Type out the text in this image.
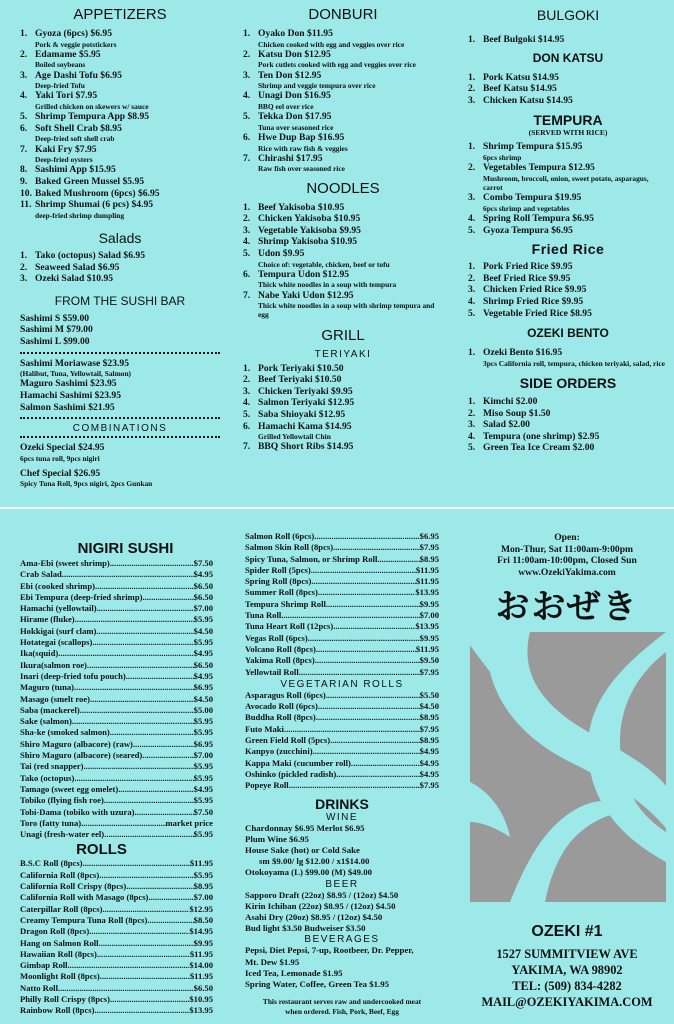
APPETIZERS
1. Gyoza (6pcs) $6.95
Pork & veggie potstickers
2. Edamame $5.95
Boiled soybeans
3. Age Dashi Tofu $6.95
Deep-fried Tofu
4. Yaki Tori $7.95
Grilled chicken on skewers w/ sauce
5. Shrimp Tempura App $8.95
6. Soft Shell Crab $8.95
Deep-fried soft shell crab
7. Kaki Fry $7.95
Deep-fried oysters
8. Sashimi App $15.95
9. Baked Green Mussel $5.95
10. Baked Mushroom (6pcs) $6.95
11. Shrimp Shumai (6 pcs) $4.95
deep-fried shrimp dumpling
Salads
1. Tako (octopus) Salad $6.95
2. Seaweed Salad $6.95
3. Ozeki Salad $10.95
FROM THE SUSHI BAR
Sashimi S $59.00
Sashimi M $79.00
Sashimi L $99.00
Sashimi Moriawase $23.95
(Halibut, Tuna, Yellowtail, Salmon)
Maguro Sashimi $23.95
Hamachi Sashimi $23.95
Salmon Sashimi $21.95
COMBINATIONS
Ozeki Special $24.95
6pcs tuna roll, 9pcs nigiri
Chef Special $26.95
Spicy Tuna Roll, 9pcs nigiri, 2pcs Gunkan
DONBURI
1. Oyako Don $11.95
Chicken cooked with egg and veggies over rice
2. Katsu Don $12.95
Pork cutlets cooked with egg and veggies over rice
3. Ten Don $12.95
Shrimp and veggie tempura over rice
4. Unagi Don $16.95
BBQ eel over rice
5. Tekka Don $17.95
Tuna over seasoned rice
6. Hwe Dup Bap $16.95
Rice with raw fish & veggies
7. Chirashi $17.95
Raw fish over seasoned rice
NOODLES
1. Beef Yakisoba $10.95
2. Chicken Yakisoba $10.95
3. Vegetable Yakisoba $9.95
4. Shrimp Yakisoba $10.95
5. Udon $9.95
Choice of: vegetable, chicken, beef or tofu
6. Tempura Udon $12.95
Thick white noodles in a soup with tempura
7. Nabe Yaki Udon $12.95
Thick white noodles in a soup with shrimp tempura and egg
GRILL
TERIYAKI
1. Pork Teriyaki $10.50
2. Beef Teriyaki $10.50
3. Chicken Teriyaki $9.95
4. Salmon Teriyaki $12.95
5. Saba Shioyaki $12.95
6. Hamachi Kama $14.95
Grilled Yellowtail Chin
7. BBQ Short Ribs $14.95
BULGOKI
1. Beef Bulgoki $14.95
DON KATSU
1. Pork Katsu $14.95
2. Beef Katsu $14.95
3. Chicken Katsu $14.95
TEMPURA
(SERVED WITH RICE)
1. Shrimp Tempura $15.95
6pcs shrimp
2. Vegetables Tempura $12.95
Mushroom, broccoli, onion, sweet potato, asparagus, carrot
3. Combo Tempura $19.95
6pcs shrimp and vegetables
4. Spring Roll Tempura $6.95
5. Gyoza Tempura $6.95
Fried Rice
1. Pork Fried Rice $9.95
2. Beef Fried Rice $9.95
3. Chicken Fried Rice $9.95
4. Shrimp Fried Rice $9.95
5. Vegetable Fried Rice $8.95
OZEKI BENTO
1. Ozeki Bento $16.95
3pcs California roll, tempura, chicken teriyaki, salad, rice
SIDE ORDERS
1. Kimchi $2.00
2. Miso Soup $1.50
3. Salad $2.00
4. Tempura (one shrimp) $2.95
5. Green Tea Ice Cream $2.00
NIGIRI SUSHI
Ama-Ebi (sweet shrimp) .....	$7.50
Crab Salad .....	$4.95
Ebi (cooked shrimp) .....	$6.50
Ebi Tempura (deep-fried shrimp) .....	$6.50
Hamachi (yellowtail) .....	$7.00
Hirame (fluke) .....	$5.95
Hokkigai (surf clam) .....	$4.50
Hotategai (scallops) .....	$5.95
Ika(squid) .....	$4.95
Ikura(salmon roe) .....	$6.50
Inari (deep-fried tofu pouch) .....	$4.95
Maguro (tuna) .....	$6.95
Masago (smelt roe) .....	$4.50
Saba (mackerel) .....	$5.00
Sake (salmon) .....	$5.95
Sha-ke (smoked salmon) .....	$5.95
Shiro Maguro (albacore) (raw) .....	$6.95
Shiro Maguro (albacore) (seared) .....	$7.00
Tai (red snapper) .....	$5.95
Tako (octopus) .....	$5.95
Tamago (sweet egg omelet) .....	$4.95
Tobiko (flying fish roe) .....	$5.95
Tobi-Dama (tobiko with uzura) .....	$7.50
Toro (fatty tuna) .....	market price
Unagi (fresh-water eel) .....	$5.95
ROLLS
B.S.C Roll (8pcs) .....	$11.95
California Roll (8pcs) .....	$5.95
California Roll Crispy (8pcs) .....	$8.95
California Roll with Masago (8pcs) .....	$7.00
Caterpillar Roll (8pcs) .....	$12.95
Creamy Tempura Tuna Roll (8pcs) .....	$8.50
Dragon Roll (8pcs) .....	$14.95
Hang on Salmon Roll .....	$9.95
Hawaiian Roll (8pcs) .....	$11.95
Gimbap Roll .....	$14.00
Moonlight Roll (8pcs) .....	$11.95
Natto Roll .....	$6.50
Philly Roll Crispy (8pcs) .....	$10.95
Rainbow Roll (8pcs) .....	$13.95
Salmon Roll (6pcs) .....	$6.95
Salmon Skin Roll (8pcs) .....	$7.95
Spicy Tuna, Salmon, or Shrimp Roll .....	$8.95
Spider Roll (5pcs) .....	$11.95
Spring Roll (8pcs) .....	$11.95
Summer Roll (8pcs) .....	$13.95
Tempura Shrimp Roll .....	$9.95
Tuna Roll .....	$7.00
Tuna Heart Roll (12pcs) .....	$13.95
Vegas Roll (6pcs) .....	$9.95
Volcano Roll (8pcs) .....	$11.95
Yakima Roll (8pcs) .....	$9.50
Yellowtail Roll .....	$7.95
VEGETARIAN ROLLS
Asparagus Roll (6pcs) .....	$5.50
Avocado Roll (6pcs) .....	$4.50
Buddha Roll (8pcs) .....	$8.95
Futo Maki .....	$7.95
Green Field Roll (5pcs) .....	$8.95
Kanpyo (zucchini) .....	$4.95
Kappa Maki (cucumber roll) .....	$4.95
Oshinko (pickled radish) .....	$4.95
Popeye Roll .....	$7.95
DRINKS
WINE
Chardonnay $6.95 Merlot $6.95
Plum Wine $6.95
House Sake (hot) or Cold Sake
sm $9.00/ lg $12.00 / x1$14.00
Otokoyama (L) $99.00 (M) $49.00
BEER
Sapporo Draft (22oz) $8.95 / (12oz) $4.50
Kirin Ichiban (22oz) $8.95 / (12oz) $4.50
Asahi Dry (20oz) $8.95 / (12oz) $4.50
Bud light $3.50 Budweiser $3.50
BEVERAGES
Pepsi, Diet Pepsi, 7-up, Rootbeer, Dr. Pepper,
Mt. Dew $1.95
Iced Tea, Lemonade $1.95
Spring Water, Coffee, Green Tea $1.95
This restaurant serves raw and undercooked meat
when ordered. Fish, Pork, Beef, Egg
Open:
Mon-Thur, Sat 11:00am-9:00pm
Fri 11:00am-10:00pm, Closed Sun
www.OzekiYakima.com
おおぜき
OZEKI #1
1527 SUMMITVIEW AVE
YAKIMA, WA 98902
TEL: (509) 834-4282
MAIL@OZEKIYAKIMA.COM
